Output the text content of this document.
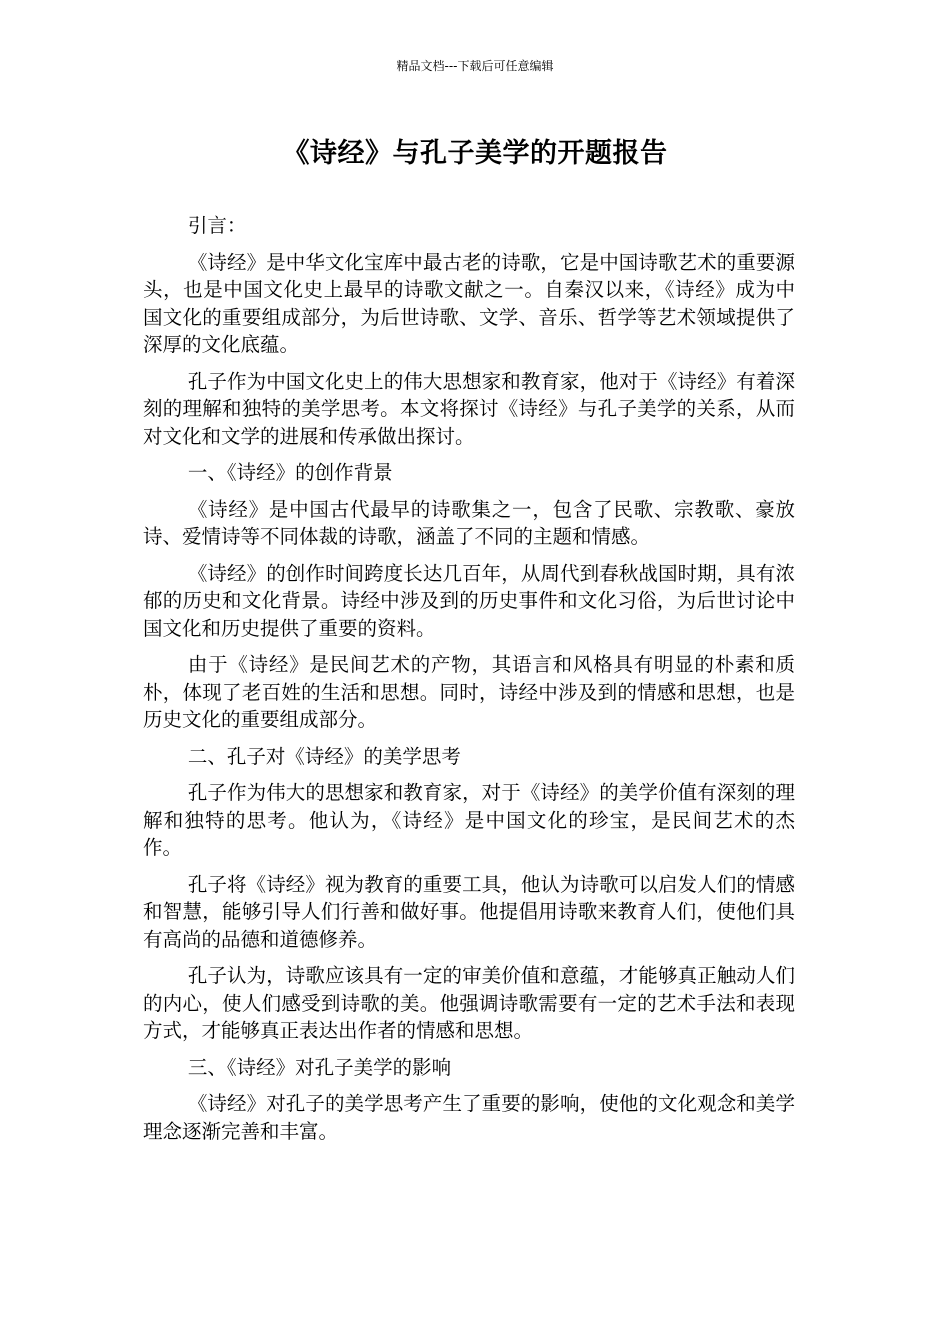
精品文档---下载后可任意编辑
《诗经》与孔子美学的开题报告

引言：

《诗经》是中华文化宝库中最古老的诗歌，它是中国诗歌艺术的重要源头，也是中国文化史上最早的诗歌文献之一。自秦汉以来，《诗经》成为中国文化的重要组成部分，为后世诗歌、文学、音乐、哲学等艺术领域提供了深厚的文化底蕴。

孔子作为中国文化史上的伟大思想家和教育家，他对于《诗经》有着深刻的理解和独特的美学思考。本文将探讨《诗经》与孔子美学的关系，从而对文化和文学的进展和传承做出探讨。

一、《诗经》的创作背景

《诗经》是中国古代最早的诗歌集之一，包含了民歌、宗教歌、豪放诗、爱情诗等不同体裁的诗歌，涵盖了不同的主题和情感。

《诗经》的创作时间跨度长达几百年，从周代到春秋战国时期，具有浓郁的历史和文化背景。诗经中涉及到的历史事件和文化习俗，为后世讨论中国文化和历史提供了重要的资料。

由于《诗经》是民间艺术的产物，其语言和风格具有明显的朴素和质朴，体现了老百姓的生活和思想。同时，诗经中涉及到的情感和思想，也是历史文化的重要组成部分。

二、孔子对《诗经》的美学思考

孔子作为伟大的思想家和教育家，对于《诗经》的美学价值有深刻的理解和独特的思考。他认为，《诗经》是中国文化的珍宝，是民间艺术的杰作。

孔子将《诗经》视为教育的重要工具，他认为诗歌可以启发人们的情感和智慧，能够引导人们行善和做好事。他提倡用诗歌来教育人们，使他们具有高尚的品德和道德修养。

孔子认为，诗歌应该具有一定的审美价值和意蕴，才能够真正触动人们的内心，使人们感受到诗歌的美。他强调诗歌需要有一定的艺术手法和表现方式，才能够真正表达出作者的情感和思想。

三、《诗经》对孔子美学的影响

《诗经》对孔子的美学思考产生了重要的影响，使他的文化观念和美学理念逐渐完善和丰富。
